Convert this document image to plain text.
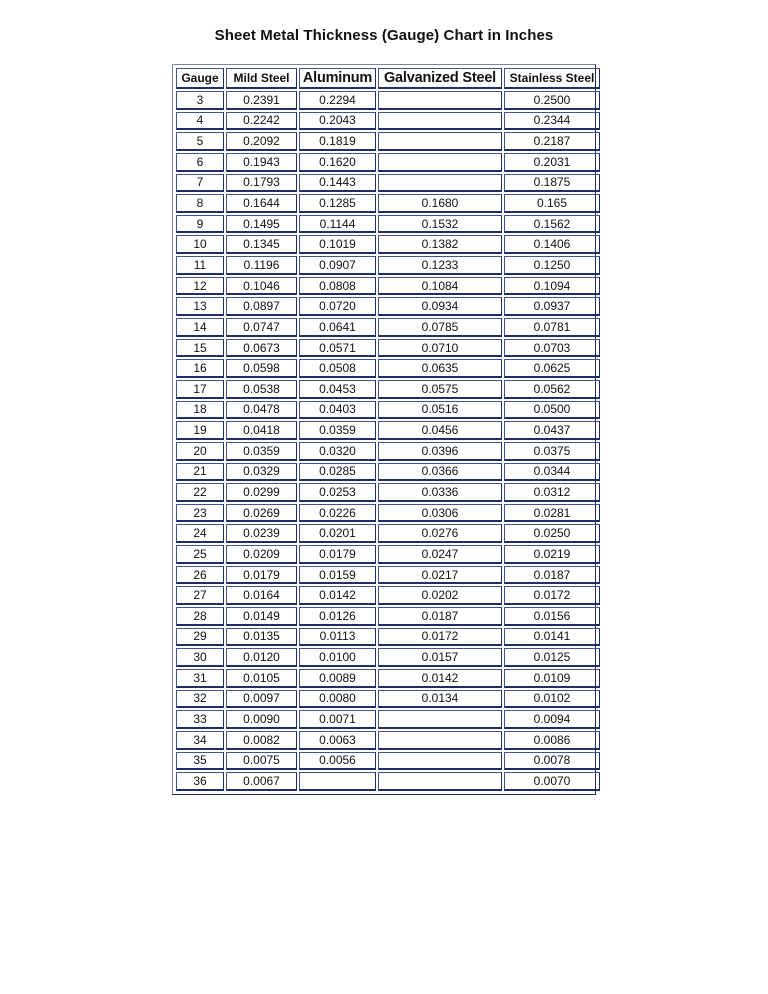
Sheet Metal Thickness (Gauge) Chart in Inches
Gauge	Mild Steel	Aluminum	Galvanized Steel	Stainless Steel
3	0.2391	0.2294		0.2500
4	0.2242	0.2043		0.2344
5	0.2092	0.1819		0.2187
6	0.1943	0.1620		0.2031
7	0.1793	0.1443		0.1875
8	0.1644	0.1285	0.1680	0.165
9	0.1495	0.1144	0.1532	0.1562
10	0.1345	0.1019	0.1382	0.1406
11	0.1196	0.0907	0.1233	0.1250
12	0.1046	0.0808	0.1084	0.1094
13	0.0897	0.0720	0.0934	0.0937
14	0.0747	0.0641	0.0785	0.0781
15	0.0673	0.0571	0.0710	0.0703
16	0.0598	0.0508	0.0635	0.0625
17	0.0538	0.0453	0.0575	0.0562
18	0.0478	0.0403	0.0516	0.0500
19	0.0418	0.0359	0.0456	0.0437
20	0.0359	0.0320	0.0396	0.0375
21	0.0329	0.0285	0.0366	0.0344
22	0.0299	0.0253	0.0336	0.0312
23	0.0269	0.0226	0.0306	0.0281
24	0.0239	0.0201	0.0276	0.0250
25	0.0209	0.0179	0.0247	0.0219
26	0.0179	0.0159	0.0217	0.0187
27	0.0164	0.0142	0.0202	0.0172
28	0.0149	0.0126	0.0187	0.0156
29	0.0135	0.0113	0.0172	0.0141
30	0.0120	0.0100	0.0157	0.0125
31	0.0105	0.0089	0.0142	0.0109
32	0.0097	0.0080	0.0134	0.0102
33	0.0090	0.0071		0.0094
34	0.0082	0.0063		0.0086
35	0.0075	0.0056		0.0078
36	0.0067			0.0070
